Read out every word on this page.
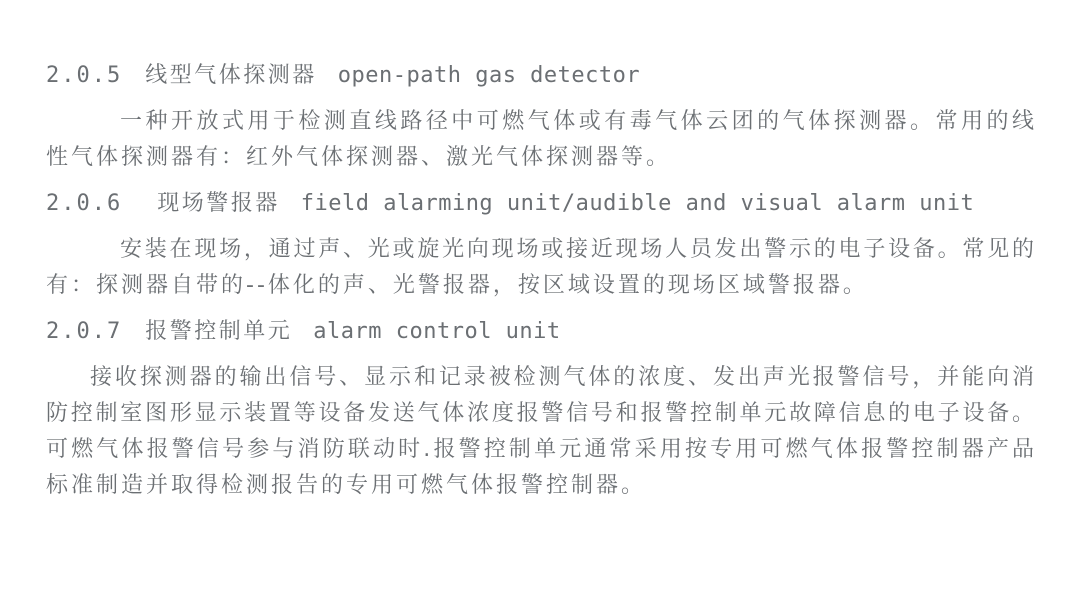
2.0.5 线型气体探测器 open-path gas detector
一种开放式用于检测直线路径中可燃气体或有毒气体云团的气体探测器。常用的线
性气体探测器有：红外气体探测器、激光气体探测器等。
2.0.6 现场警报器 field alarming unit/audible and visual alarm unit
安装在现场，通过声、光或旋光向现场或接近现场人员发出警示的电子设备。常见的
有：探测器自带的--体化的声、光警报器，按区域设置的现场区域警报器。
2.0.7 报警控制单元 alarm control unit
接收探测器的输出信号、显示和记录被检测气体的浓度、发出声光报警信号，并能向消
防控制室图形显示装置等设备发送气体浓度报警信号和报警控制单元故障信息的电子设备。
可燃气体报警信号参与消防联动时.报警控制单元通常采用按专用可燃气体报警控制器产品
标准制造并取得检测报告的专用可燃气体报警控制器。
